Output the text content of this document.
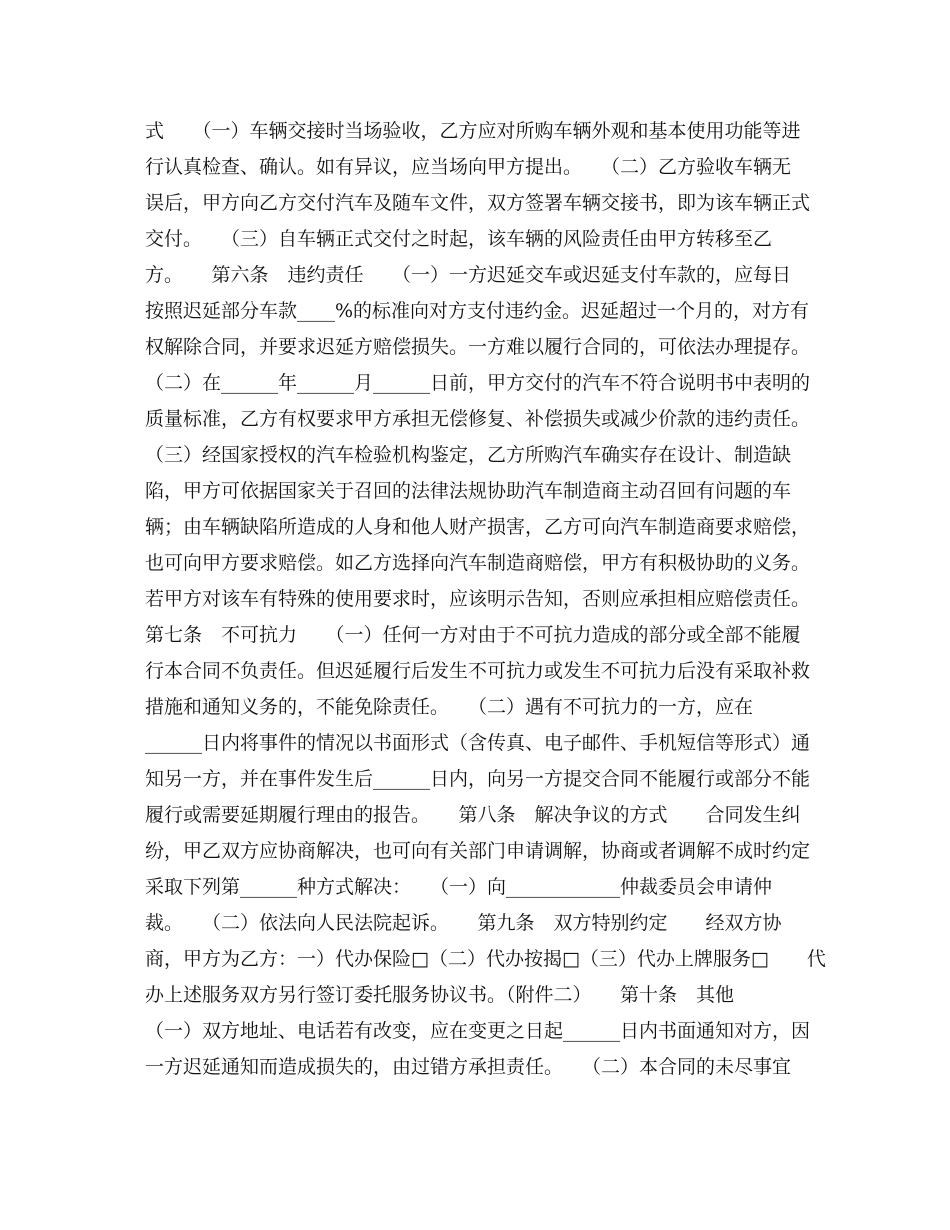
式　　（一）车辆交接时当场验收，乙方应对所购车辆外观和基本使用功能等进
行认真检查、确认。如有异议，应当场向甲方提出。　　（二）乙方验收车辆无
误后，甲方向乙方交付汽车及随车文件，双方签署车辆交接书，即为该车辆正式
交付。　　（三）自车辆正式交付之时起，该车辆的风险责任由甲方转移至乙
方。　　第六条　违约责任　　（一）一方迟延交车或迟延支付车款的，应每日
按照迟延部分车款____%的标准向对方支付违约金。迟延超过一个月的，对方有
权解除合同，并要求迟延方赔偿损失。一方难以履行合同的，可依法办理提存。
（二）在______年______月______日前，甲方交付的汽车不符合说明书中表明的
质量标准，乙方有权要求甲方承担无偿修复、补偿损失或减少价款的违约责任。
（三）经国家授权的汽车检验机构鉴定，乙方所购汽车确实存在设计、制造缺
陷，甲方可依据国家关于召回的法律法规协助汽车制造商主动召回有问题的车
辆；由车辆缺陷所造成的人身和他人财产损害，乙方可向汽车制造商要求赔偿，
也可向甲方要求赔偿。如乙方选择向汽车制造商赔偿，甲方有积极协助的义务。
若甲方对该车有特殊的使用要求时，应该明示告知，否则应承担相应赔偿责任。
第七条　不可抗力　　（一）任何一方对由于不可抗力造成的部分或全部不能履
行本合同不负责任。但迟延履行后发生不可抗力或发生不可抗力后没有采取补救
措施和通知义务的，不能免除责任。　　（二）遇有不可抗力的一方，应在
______日内将事件的情况以书面形式（含传真、电子邮件、手机短信等形式）通
知另一方，并在事件发生后______日内，向另一方提交合同不能履行或部分不能
履行或需要延期履行理由的报告。　　第八条　解决争议的方式　　合同发生纠
纷，甲乙双方应协商解决，也可向有关部门申请调解，协商或者调解不成时约定
采取下列第______种方式解决：　　（一）向____________仲裁委员会申请仲
裁。　　（二）依法向人民法院起诉。　　第九条　双方特别约定　　经双方协
商，甲方为乙方：一）代办保险□（二）代办按揭□（三）代办上牌服务□　　代
办上述服务双方另行签订委托服务协议书。（附件二）　　第十条　其他
（一）双方地址、电话若有改变，应在变更之日起______日内书面通知对方，因
一方迟延通知而造成损失的，由过错方承担责任。　　（二）本合同的未尽事宜
